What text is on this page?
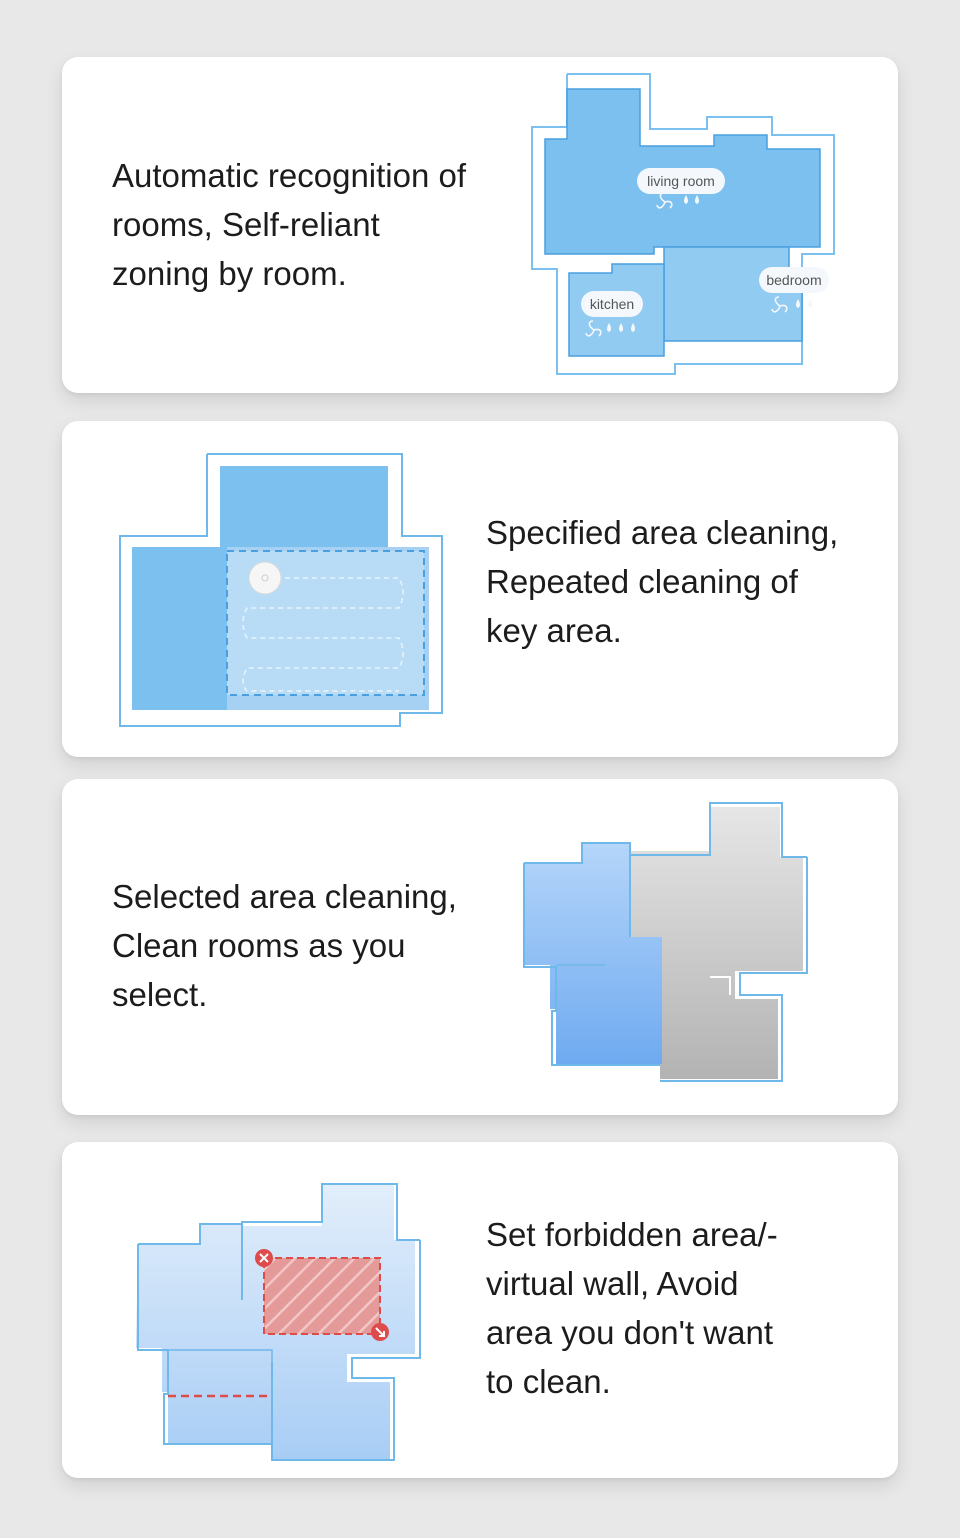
Automatic recognition of
rooms, Self-reliant
zoning by room.

living room
bedroom
kitchen

Specified area cleaning,
Repeated cleaning of
key area.

Selected area cleaning,
Clean rooms as you
select.

Set forbidden area/-
virtual wall, Avoid
area you don't want
to clean.
